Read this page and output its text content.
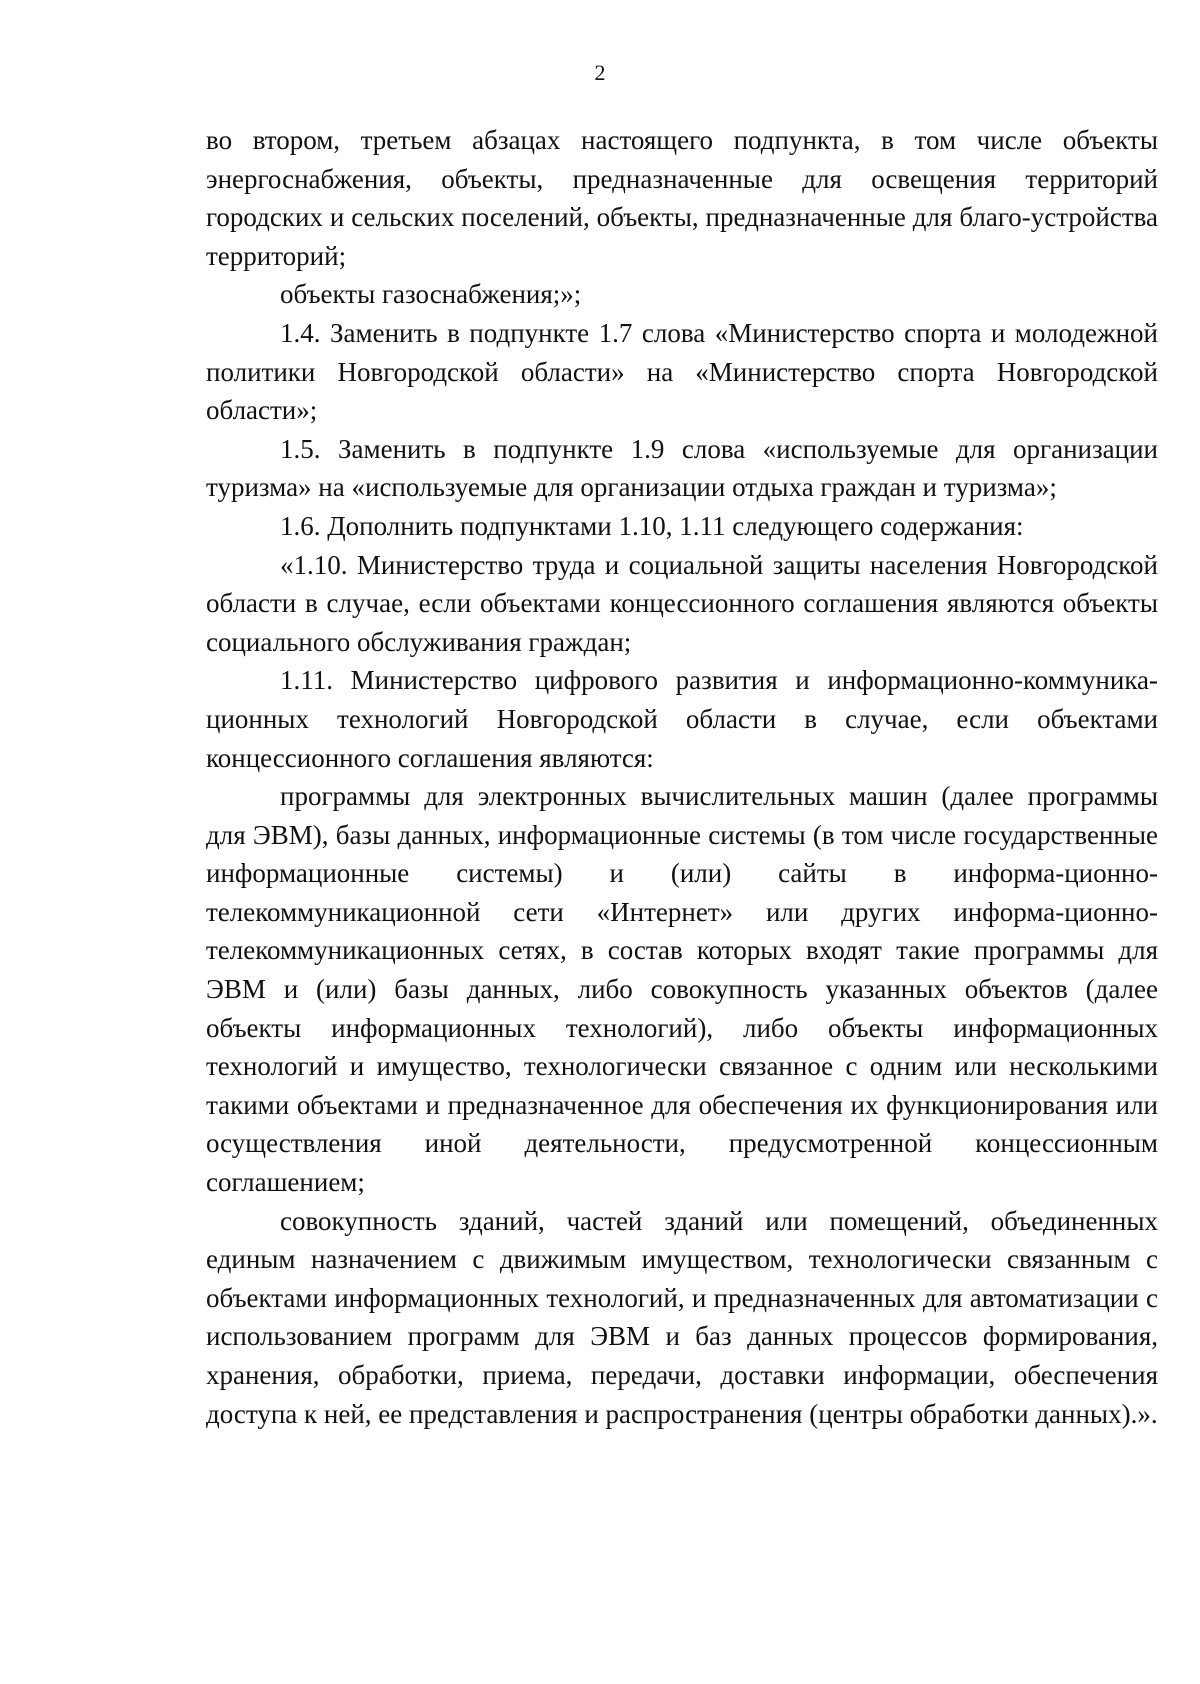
2

во втором, третьем абзацах настоящего подпункта, в том числе объекты энергоснабжения, объекты, предназначенные для освещения территорий городских и сельских поселений, объекты, предназначенные для благо-устройства территорий;

объекты газоснабжения;»;

1.4. Заменить в подпункте 1.7 слова «Министерство спорта и молодежной политики Новгородской области» на «Министерство спорта Новгородской области»;

1.5. Заменить в подпункте 1.9 слова «используемые для организации туризма» на «используемые для организации отдыха граждан и туризма»;

1.6. Дополнить подпунктами 1.10, 1.11 следующего содержания:

«1.10. Министерство труда и социальной защиты населения Новгородской области в случае, если объектами концессионного соглашения являются объекты социального обслуживания граждан;

1.11. Министерство цифрового развития и информационно-коммуника-ционных технологий Новгородской области в случае, если объектами концессионного соглашения являются:

программы для электронных вычислительных машин (далее программы для ЭВМ), базы данных, информационные системы (в том числе государственные информационные системы) и (или) сайты в информа-ционно-телекоммуникационной сети «Интернет» или других информа-ционно-телекоммуникационных сетях, в состав которых входят такие программы для ЭВМ и (или) базы данных, либо совокупность указанных объектов (далее объекты информационных технологий), либо объекты информационных технологий и имущество, технологически связанное с одним или несколькими такими объектами и предназначенное для обеспечения их функционирования или осуществления иной деятельности, предусмотренной концессионным соглашением;

совокупность зданий, частей зданий или помещений, объединенных единым назначением с движимым имуществом, технологически связанным с объектами информационных технологий, и предназначенных для автоматизации с использованием программ для ЭВМ и баз данных процессов формирования, хранения, обработки, приема, передачи, доставки информации, обеспечения доступа к ней, ее представления и распространения (центры обработки данных).».
